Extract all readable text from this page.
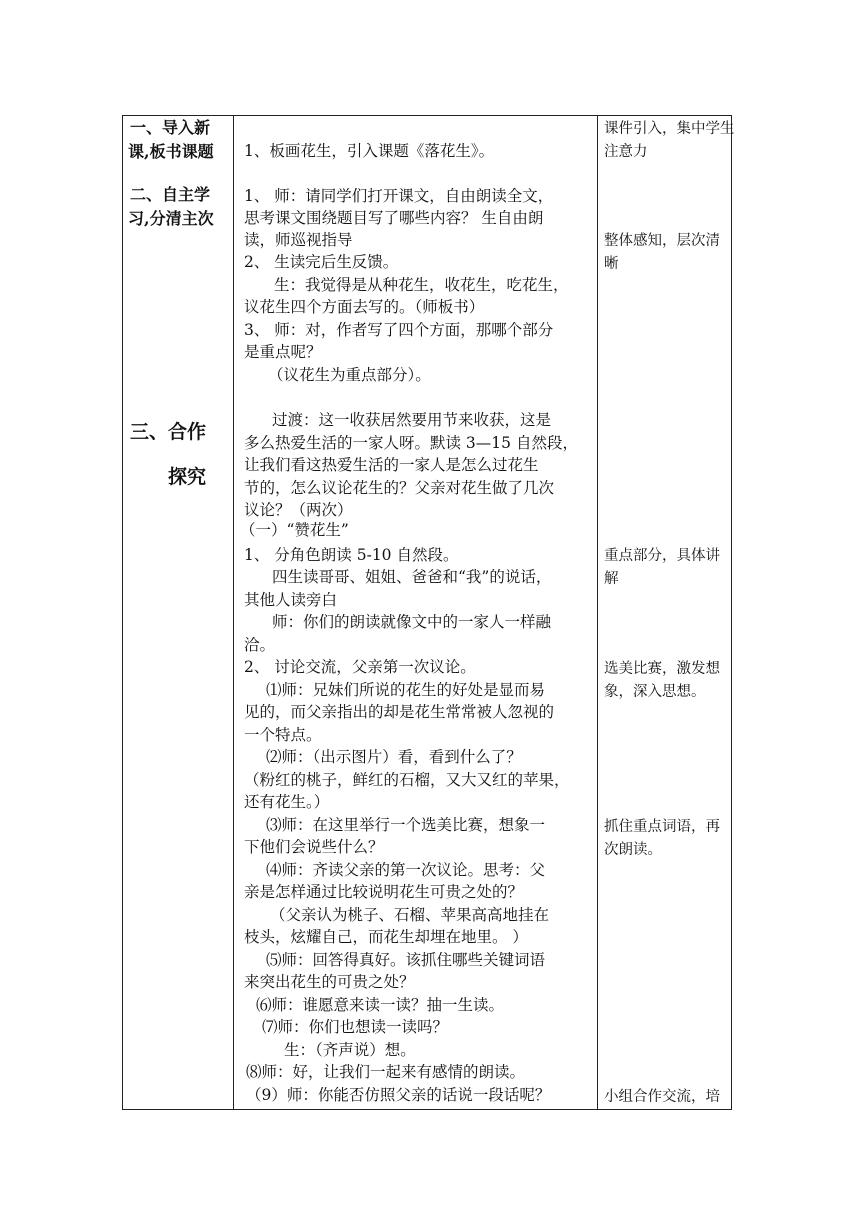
一、导入新
课,板书课题
二、自主学
习,分清主次
三、合作
探究
1、板画花生，引入课题《落花生》。
1、 师：请同学们打开课文，自由朗读全文，
思考课文围绕题目写了哪些内容？ 生自由朗
读，师巡视指导
2、 生读完后生反馈。
生：我觉得是从种花生，收花生，吃花生，
议花生四个方面去写的。（师板书）
3、 师：对，作者写了四个方面，那哪个部分
是重点呢？
（议花生为重点部分）。
过渡：这一收获居然要用节来收获，这是
多么热爱生活的一家人呀。默读 3—15 自然段，
让我们看这热爱生活的一家人是怎么过花生
节的，怎么议论花生的？父亲对花生做了几次
议论？（两次）
（一）“赞花生”
1、 分角色朗读 5-10 自然段。
四生读哥哥、姐姐、爸爸和“我”的说话，
其他人读旁白
师：你们的朗读就像文中的一家人一样融
洽。
2、 讨论交流，父亲第一次议论。
⑴师：兄妹们所说的花生的好处是显而易
见的，而父亲指出的却是花生常常被人忽视的
一个特点。
⑵师：（出示图片）看，看到什么了？
（粉红的桃子，鲜红的石榴，又大又红的苹果，
还有花生。）
⑶师：在这里举行一个选美比赛，想象一
下他们会说些什么？
⑷师：齐读父亲的第一次议论。思考：父
亲是怎样通过比较说明花生可贵之处的？
（父亲认为桃子、石榴、苹果高高地挂在
枝头，炫耀自己，而花生却埋在地里。 ）
⑸师：回答得真好。该抓住哪些关键词语
来突出花生的可贵之处？
⑹师：谁愿意来读一读？抽一生读。
⑺师：你们也想读一读吗？
生：（齐声说）想。
⑻师：好，让我们一起来有感情的朗读。
（9）师：你能否仿照父亲的话说一段话呢？
课件引入，集中学生
注意力
整体感知，层次清
晰
重点部分，具体讲
解
选美比赛，激发想
象，深入思想。
抓住重点词语，再
次朗读。
小组合作交流，培
